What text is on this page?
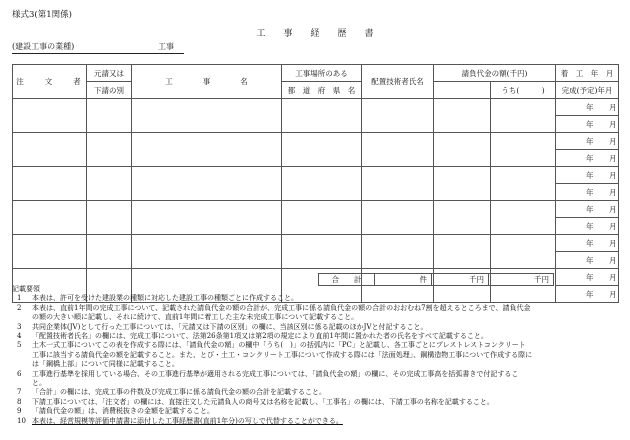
様式3(第1関係)
工　　事　　経　　歴　　書
(建設工事の業種)	工事
注　　文　　者	元請又は	工　　　　事　　　　名	工事場所のある	配置技術者氏名	請負代金の額(千円)		着　工　年　月
	下請の別		都　道　府　県　名			うち(　　　)	完成(予定)年月

							年 月

							年 月

							年 月

							年 月

							年 月

							年 月

							年 月

							年 月

							年 月

							年 月

							年 月

							年 月
合　　計	件	千円	千円
記載要領
1 本表は、許可を受けた建設業の種類に対応した建設工事の種類ごとに作成すること。
2 本表は、直前1年間の完成工事について、記載された請負代金の額の合計が、完成工事に係る請負代金の額の合計のおおむね7割を超えるところまで、請負代金
の額の大きい順に記載し、それに続けて、直前1年間に着工した主な未完成工事について記載すること。
3 共同企業体(JV)として行った工事については、「元請又は下請の区別」の欄に、当該区別に係る記載のほかJVと付記すること。
4 「配置技術者氏名」の欄には、完成工事について、法第26条第1項又は第2項の規定により直前1年間に置かれた者の氏名をすべて記載すること。
5 土木一式工事についてこの表を作成する際には、「請負代金の額」の欄中「うち(　)」の括弧内に「PC」と記載し、各工事ごとにプレストレストコンクリート
工事に該当する請負代金の額を記載すること。また、とび・土工・コンクリート工事について作成する際には「法面処理」、鋼構造物工事について作成する際に
は「鋼橋上部」について同様に記載すること。
6 工事進行基準を採用している場合、その工事進行基準が適用される完成工事については、「請負代金の額」の欄に、その完成工事高を括弧書きで付記するこ
と。
7 「合計」の欄には、完成工事の件数及び完成工事に係る請負代金の額の合計を記載すること。
8 下請工事については、「注文者」の欄には、直接注文した元請負人の商号又は名称を記載し、「工事名」の欄には、下請工事の名称を記載すること。
9 「請負代金の額」は、消費税抜きの金額を記載すること。
10 本表は、経営規模等評価申請書に添付した工事経歴書(直前1年分)の写しで代替することができる。
